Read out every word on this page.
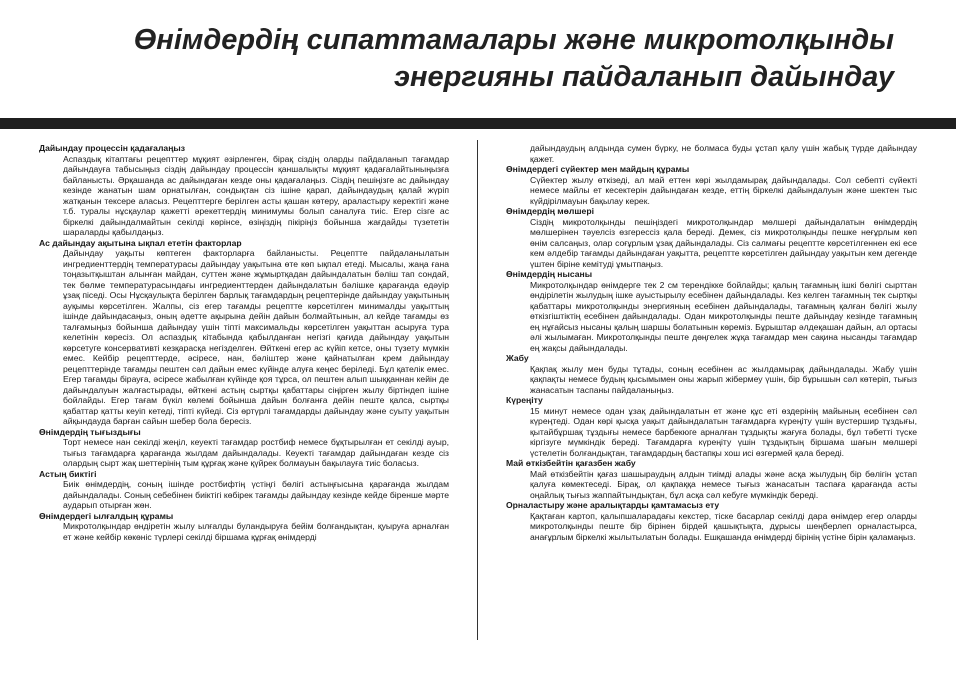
Өнімдердің сипаттамалары және микротолқынды
энергияны пайдаланып дайындау

Дайындау процессін қадағалаңыз

Аспаздық кітаптағы рецепттер мұқият әзірленген, бірақ сіздің оларды пайдаланып тағамдар дайындауға табысыңыз сіздің дайындау процессін қаншалықты мұқият қадағалайтыныңызға байланысты. Әрқашанда ас дайындаған кезде оны қадағалаңыз. Сіздің пешіңізге ас дайындау кезінде жанатын шам орнатылған, сондықтан сіз ішіне қарап, дайындаудың қалай жүріп жатқанын тексере аласыз. Рецепттерге берілген асты қашан көтеру, араластыру керектігі және т.б. туралы нұсқаулар қажетті әрекеттердің минимумы болып саналуға тиіс. Егер сізге ас біркелкі дайындалмайтын секілді көрінсе, өзіңіздің пікіріңіз бойынша жағдайды түзететін шараларды қабылдаңыз.

Ас дайындау ақытына ықпал ететін факторлар

Дайындау уақыты көптеген факторларға байланысты. Рецептте пайдаланылатын ингредиенттердің температурасы дайындау уақытына өте көп ықпал етеді. Мысалы, жаңа ғана тоңазытқыштан алынған майдан, суттен және жұмыртқадан дайындалатын бәліш тап сондай, тек бөлме температурасындағы ингредиенттерден дайындалатын бәлішке қарағанда едәуір ұзақ піседі. Осы Нұсқаулықта берілген барлық тағамдардың рецептеріндe дайындау уақытының ауқымы көрсетілген. Жалпы, сіз егер тағамды рецептте көрсетілген минималды уақыттың ішінде дайындасаңыз, оның әдетте ақырына дейін дайын болмайтынын, ал кейде тағамды өз талғамыңыз бойынша дайындау үшін тіпті максимальды көрсетілген уақыттан асыруға тура келетінін көресіз. Ол аспаздық кітабында қабылданған негізгі қағида дайындау уақытын көрсетуге консервативті кезқарасқа негізделген. Өйткені егер ас күйіп кетсе, оны түзету мүмкін емес. Кейбір рецепттерде, әсіресе, нан, бәліштер және қайнатылған крем дайындау рецепттерінде тағамды пештен сәл дайын емес күйінде алуға кеңес беріледі. Бұл қателік емес. Егер тағамды бірауға, әсіресе жабылған күйінде қоя тұрса, ол пештен алып шыққаннан кейін де дайындалуын жалғастырады, өйткені астың сыртқы қабаттары сіңірген жылу біртіндеп ішіне бойлайды. Егер тағам бүкіл көлемі бойынша дайын болғанға дейін пеште қалса, сыртқы қабаттар қатты кеуіп кетеді, тіпті күйеді. Сіз өртүрлі тағамдарды дайындау және суыту уақытын айқындауда барған сайын шебер бола бересіз.

Өнімдердің тығыздығы

Торт немесе нан секілді жеңіл, кеуекті тағамдар ростбиф немесе бұқтырылған ет секілді ауыр, тығыз тағамдарға қарағанда жылдам дайындалады. Кеуекті тағамдар дайындаған кезде сіз олардың сырт жақ шеттерінің тым құрғақ және қүйрек болмауын бақылауға тиіс боласыз.

Астың биктігі

Биік өнімдердің, соның ішінде ростбифтің үстіңгі бөлігі астыңғысына қарағанда жылдам дайындалады. Соның себебінен биіктігі көбірек тағамды дайындау кезінде кейде біренше мәрте аударып отырған жөн.

Өнімдердегі ылғалдың құрамы

Микротолқындар өндіретін жылу ылғалды буландыруға бейім болғандықтан, қуыруға арналған ет және кейбір көкөніс түрлері секілді біршама құрғақ өнімдерді

дайындаудың алдында сумен бүрку, не болмаса буды ұстап қалу үшін жабық түрде дайындау қажет.

Өнімдердегі сүйектер мен майдың құрамы

Сүйектер жылу өткізеді, ал май еттен көрі жылдамырақ дайындалады. Сол себепті сүйекті немесе майлы ет кесектерін дайындаған кезде, еттің біркелкі дайындалуын және шектен тыс күйдірілмауын бақылау керек.

Өнімдердің мөлшері

Сіздің микротолқынды пешіңіздегі микротолқындар мөлшері дайындалатын өнімдердің мөлшерінен тәуелсіз өзгерессіз қала береді. Демек, сіз микротолқынды пешке неғұрлым көп өнім салсаңыз, олар соғұрлым ұзақ дайындалады. Сіз салмағы рецептте көрсетілгеннен екі есе кем әлдебір тағамды дайындаған уақытта, рецептте көрсетілген дайындау уақытын кем дегенде үштен біріне кемітуді ұмытпаңыз.

Өнімдердің нысаны

Микротолқындар өнімдерге тек 2 см терендікке бойлайды; қалың тағамның ішкі бөлігі сырттан өндірілетін жылудың ішке ауыстырылу есебінен дайындалады. Кез келген тағамның тек сыртқы қабаттары микротолқынды энергияның есебінен дайындалады, тағамның қалған бөлігі жылу өткізгіштіктің есебінен дайындалады. Одан микротолқынды пеште дайындау кезінде тағамның ең нұғайсыз нысаны қалың шаршы болатынын көреміз. Бұрыштар әлдеқашан дайын, ал ортасы әлі жылымаған. Микротолқынды пеште дөңгелек жұқа тағамдар мен сақина нысанды тағамдар ең жақсы дайындалады.

Жабу

Қақпақ жылу мен буды тұтады, соның есебінен ас жылдамырақ дайындалады. Жабу үшін қақпақты немесе будың қысымымен оны жарып жібермеу үшін, бір бұрышын сәл көтеріп, тығыз жанасатын таспаны пайдаланыңыз.

Күреңіту

15 минут немесе одан ұзақ дайындалатын ет және құс еті өздерінің майының есебінен сәл күреңтеді. Одан көрі қысқа уақыт дайындалатын тағамдарға күреңіту үшін вустершир тұздығы, қытайбұршақ тұздығы немесе барбекюге арналған тұздықты жағуға болады, бұл тәбетті түске кіргізуге мүмкіндік береді. Тағамдарға күреңіту үшін тұздықтың біршама шағын мөлшері үстелетін болғандықтан, тағамдардың бастапқы хош исі өзгермей қала береді.

Май өткізбейтін қағазбен жабу

Май өткізбейтін қағаз шашыраудың алдын тиімді алады және асқа жылудың бір бөлігін ұстап қалуға көмектеседі. Бірақ, ол қақпаққа немесе тығыз жанасатын таспаға қарағанда асты оңайлық тығыз жаппайтындықтан, бұл асқа сәл кебуге мүмкіндік береді.

Орналастыру және аралықтарды қамтамасыз ету

Қақтаған картоп, қалыпшаларадағы кекстер, тіске басарлар секілді дара өнімдер егер оларды микротолқынды пеште бір бірінен бірдей қашықтықта, дұрысы шеңберлеп орналастырса, анағұрлым біркелкі жылытылатын болады. Ешқашанда өнімдерді бірінің үстіне бірін қаламаңыз.
